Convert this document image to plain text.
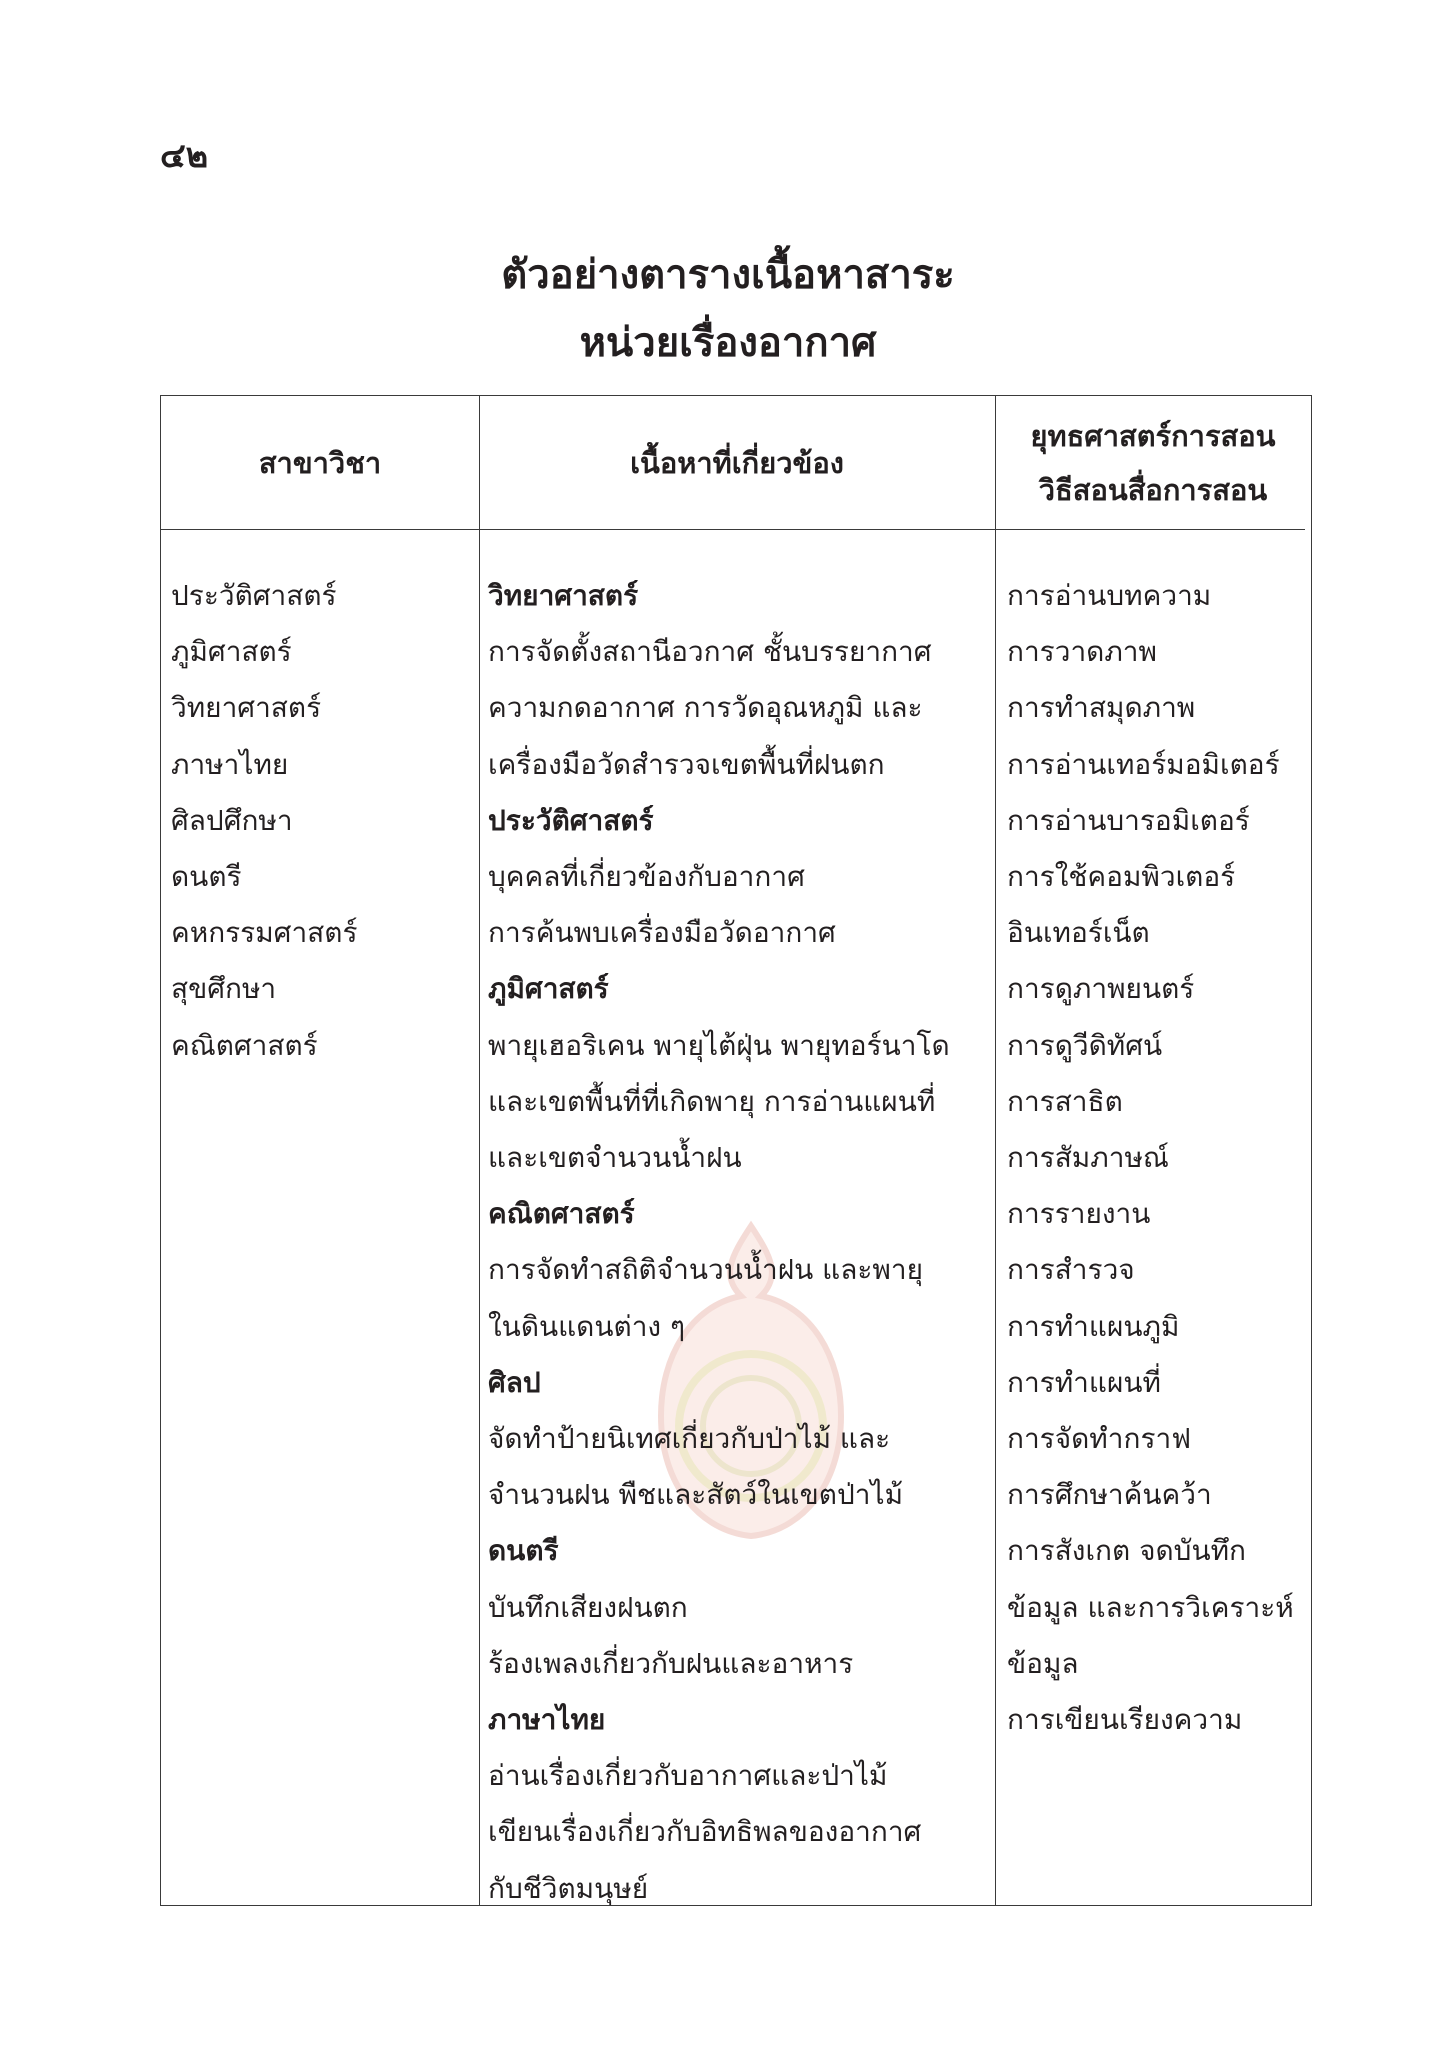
๔๒
ตัวอย่างตารางเนื้อหาสาระ
หน่วยเรื่องอากาศ
สาขาวิชา	เนื้อหาที่เกี่ยวข้อง
ยุทธศาสตร์การสอน
วิธีสอนสื่อการสอน
ประวัติศาสตร์
ภูมิศาสตร์
วิทยาศาสตร์
ภาษาไทย
ศิลปศึกษา
ดนตรี
คหกรรมศาสตร์
สุขศึกษา
คณิตศาสตร์
วิทยาศาสตร์
การจัดตั้งสถานีอวกาศ ชั้นบรรยากาศ
ความกดอากาศ การวัดอุณหภูมิ และ
เครื่องมือวัดสำรวจเขตพื้นที่ฝนตก
ประวัติศาสตร์
บุคคลที่เกี่ยวข้องกับอากาศ
การค้นพบเครื่องมือวัดอากาศ
ภูมิศาสตร์
พายุเฮอริเคน พายุไต้ฝุ่น พายุทอร์นาโด
และเขตพื้นที่ที่เกิดพายุ การอ่านแผนที่
และเขตจำนวนน้ำฝน
คณิตศาสตร์
การจัดทำสถิติจำนวนน้ำฝน และพายุ
ในดินแดนต่าง ๆ
ศิลป
จัดทำป้ายนิเทศเกี่ยวกับป่าไม้ และ
จำนวนฝน พืชและสัตว์ในเขตป่าไม้
ดนตรี
บันทึกเสียงฝนตก
ร้องเพลงเกี่ยวกับฝนและอาหาร
ภาษาไทย
อ่านเรื่องเกี่ยวกับอากาศและป่าไม้
เขียนเรื่องเกี่ยวกับอิทธิพลของอากาศ
กับชีวิตมนุษย์
การอ่านบทความ
การวาดภาพ
การทำสมุดภาพ
การอ่านเทอร์มอมิเตอร์
การอ่านบารอมิเตอร์
การใช้คอมพิวเตอร์
อินเทอร์เน็ต
การดูภาพยนตร์
การดูวีดิทัศน์
การสาธิต
การสัมภาษณ์
การรายงาน
การสำรวจ
การทำแผนภูมิ
การทำแผนที่
การจัดทำกราฟ
การศึกษาค้นคว้า
การสังเกต จดบันทึก
ข้อมูล และการวิเคราะห์
ข้อมูล
การเขียนเรียงความ
